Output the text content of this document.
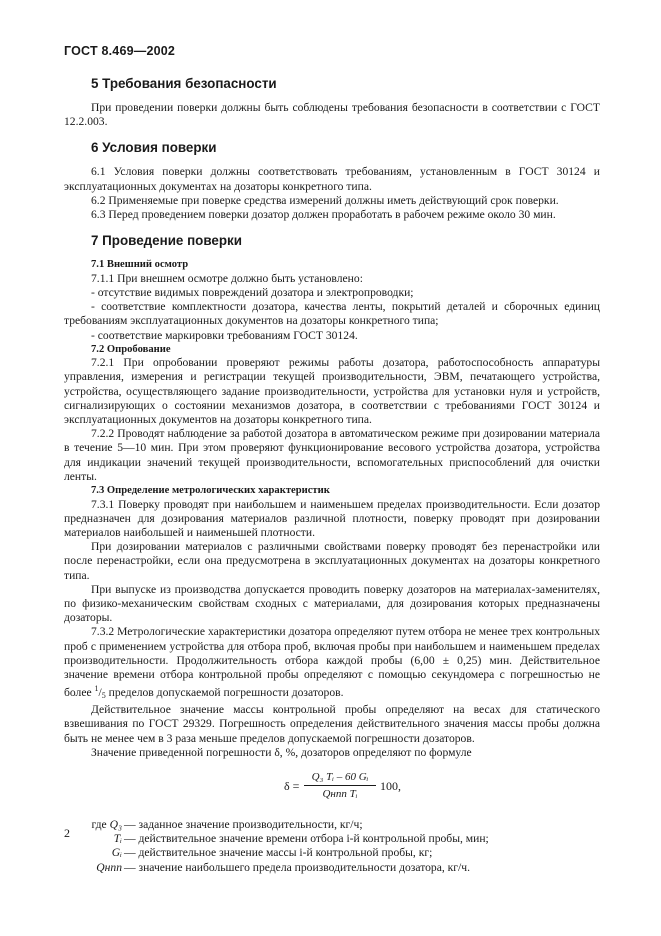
ГОСТ 8.469—2002
5 Требования безопасности

При проведении поверки должны быть соблюдены требования безопасности в соответствии с ГОСТ 12.2.003.

6 Условия поверки

6.1 Условия поверки должны соответствовать требованиям, установленным в ГОСТ 30124 и эксплуатационных документах на дозаторы конкретного типа.

6.2 Применяемые при поверке средства измерений должны иметь действующий срок поверки.

6.3 Перед проведением поверки дозатор должен проработать в рабочем режиме около 30 мин.

7 Проведение поверки
7.1 Внешний осмотр

7.1.1 При внешнем осмотре должно быть установлено:

- отсутствие видимых повреждений дозатора и электропроводки;

- соответствие комплектности дозатора, качества ленты, покрытий деталей и сборочных единиц требованиям эксплуатационных документов на дозаторы конкретного типа;

- соответствие маркировки требованиям ГОСТ 30124.

7.2 Опробование

7.2.1 При опробовании проверяют режимы работы дозатора, работоспособность аппаратуры управления, измерения и регистрации текущей производительности, ЭВМ, печатающего устройства, устройства, осуществляющего задание производительности, устройства для установки нуля и устройств, сигнализирующих о состоянии механизмов дозатора, в соответствии с требованиями ГОСТ 30124 и эксплуатационных документов на дозаторы конкретного типа.

7.2.2 Проводят наблюдение за работой дозатора в автоматическом режиме при дозировании материала в течение 5—10 мин. При этом проверяют функционирование весового устройства дозатора, устройства для индикации значений текущей производительности, вспомогательных приспособлений для очистки ленты.

7.3 Определение метрологических характеристик

7.3.1 Поверку проводят при наибольшем и наименьшем пределах производительности. Если дозатор предназначен для дозирования материалов различной плотности, поверку проводят при дозировании материалов наибольшей и наименьшей плотности.

При дозировании материалов с различными свойствами поверку проводят без перенастройки или после перенастройки, если она предусмотрена в эксплуатационных документах на дозаторы конкретного типа.

При выпуске из производства допускается проводить поверку дозаторов на материалах-заменителях, по физико-механическим свойствам сходных с материалами, для дозирования которых предназначены дозаторы.

7.3.2 Метрологические характеристики дозатора определяют путем отбора не менее трех контрольных проб с применением устройства для отбора проб, включая пробы при наибольшем и наименьшем пределах производительности. Продолжительность отбора каждой пробы (6,00 ± 0,25) мин. Действительное значение времени отбора контрольной пробы определяют с помощью секундомера с погрешностью не более $^1/_5$ пределов допускаемой погрешности дозаторов.

Действительное значение массы контрольной пробы определяют на весах для статического взвешивания по ГОСТ 29329. Погрешность определения действительного значения массы пробы должна быть не менее чем в 3 раза меньше пределов допускаемой погрешности дозаторов.

Значение приведенной погрешности δ, %, дозаторов определяют по формуле

δ =
Q₃ Tᵢ – 60 Gᵢ
Qнпп Tᵢ
100,
где Q₃ — заданное значение производительности, кг/ч;
Tᵢ — действительное значение времени отбора i-й контрольной пробы, мин;
Gᵢ — действительное значение массы i-й контрольной пробы, кг;
Qнпп — значение наибольшего предела производительности дозатора, кг/ч.
2
